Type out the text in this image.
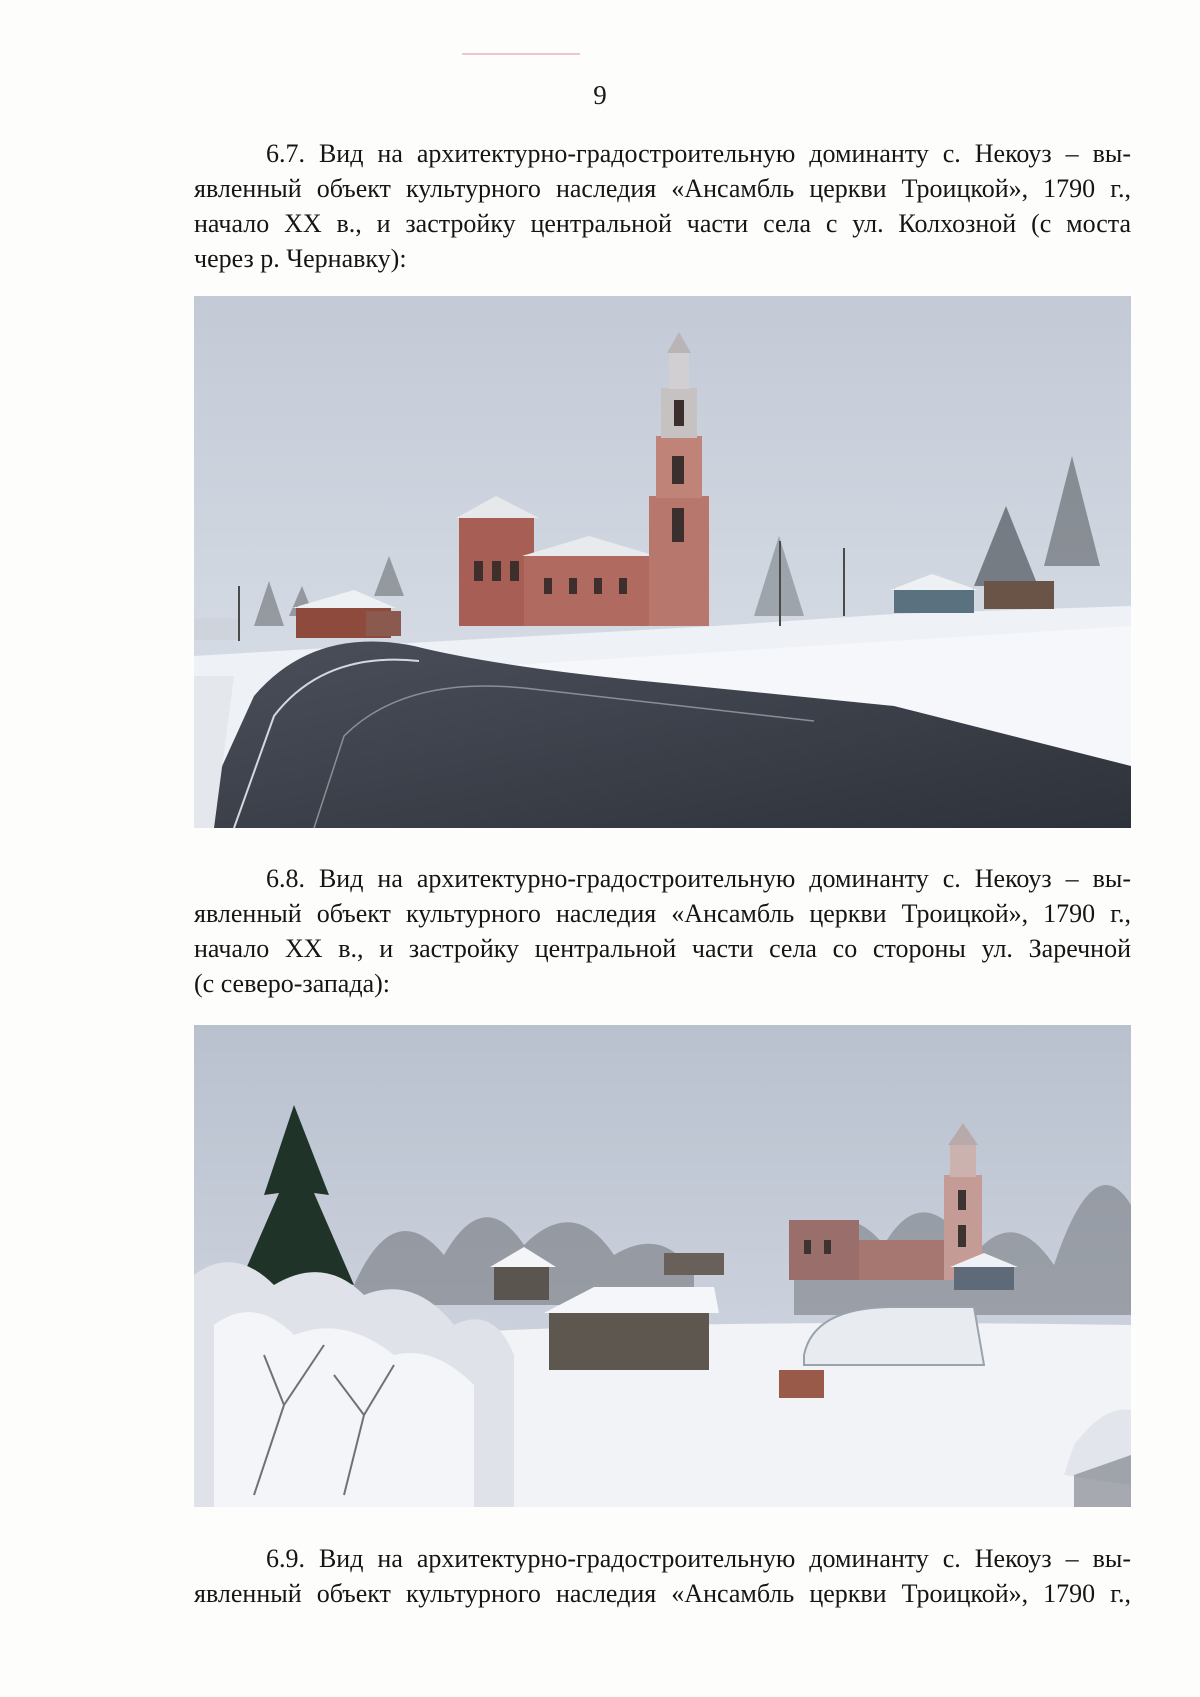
9
6.7. Вид на архитектурно-градостроительную доминанту с. Некоуз – вы-
явленный объект культурного наследия «Ансамбль церкви Троицкой», 1790 г.,
начало XX в., и застройку центральной части села с ул. Колхозной (с моста
через р. Чернавку):
6.8. Вид на архитектурно-градостроительную доминанту с. Некоуз – вы-
явленный объект культурного наследия «Ансамбль церкви Троицкой», 1790 г.,
начало XX в., и застройку центральной части села со стороны ул. Заречной
(с северо-запада):
6.9. Вид на архитектурно-градостроительную доминанту с. Некоуз – вы-
явленный объект культурного наследия «Ансамбль церкви Троицкой», 1790 г.,
